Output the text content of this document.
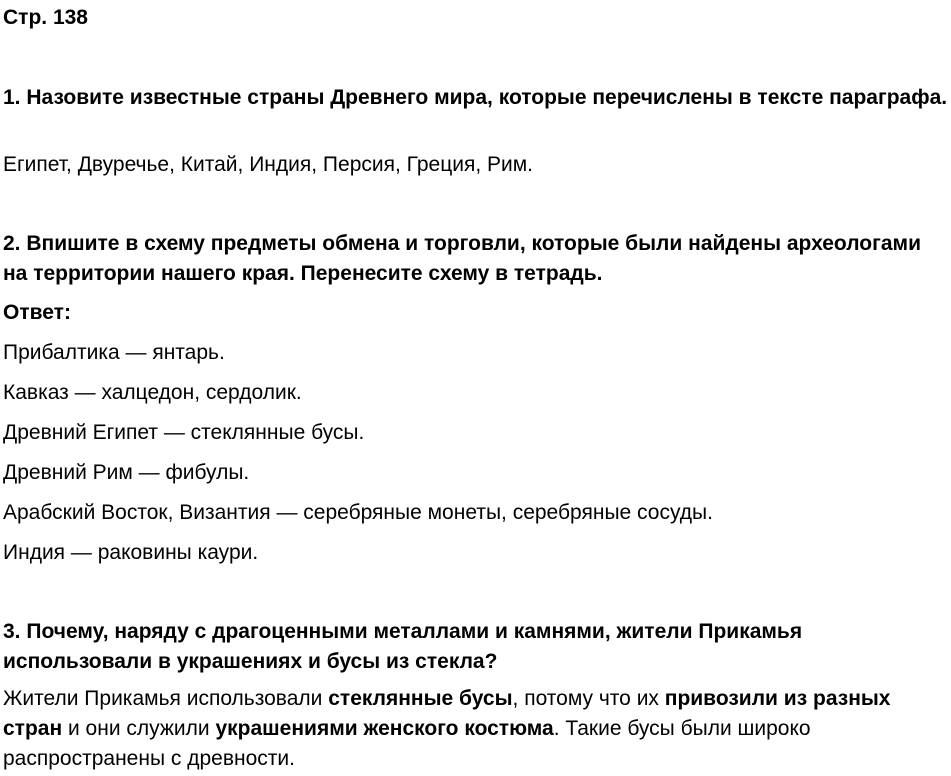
Стр. 138
1. Назовите известные страны Древнего мира, которые перечислены в тексте параграфа.
Египет, Двуречье, Китай, Индия, Персия, Греция, Рим.
2. Впишите в схему предметы обмена и торговли, которые были найдены археологами на территории нашего края. Перенесите схему в тетрадь.
Ответ:
Прибалтика — янтарь.
Кавказ — халцедон, сердолик.
Древний Египет — стеклянные бусы.
Древний Рим — фибулы.
Арабский Восток, Византия — серебряные монеты, серебряные сосуды.
Индия — раковины каури.
3. Почему, наряду с драгоценными металлами и камнями, жители Прикамья использовали в украшениях и бусы из стекла?
Жители Прикамья использовали стеклянные бусы, потому что их привозили из разных стран и они служили украшениями женского костюма. Такие бусы были широко распространены с древности.
